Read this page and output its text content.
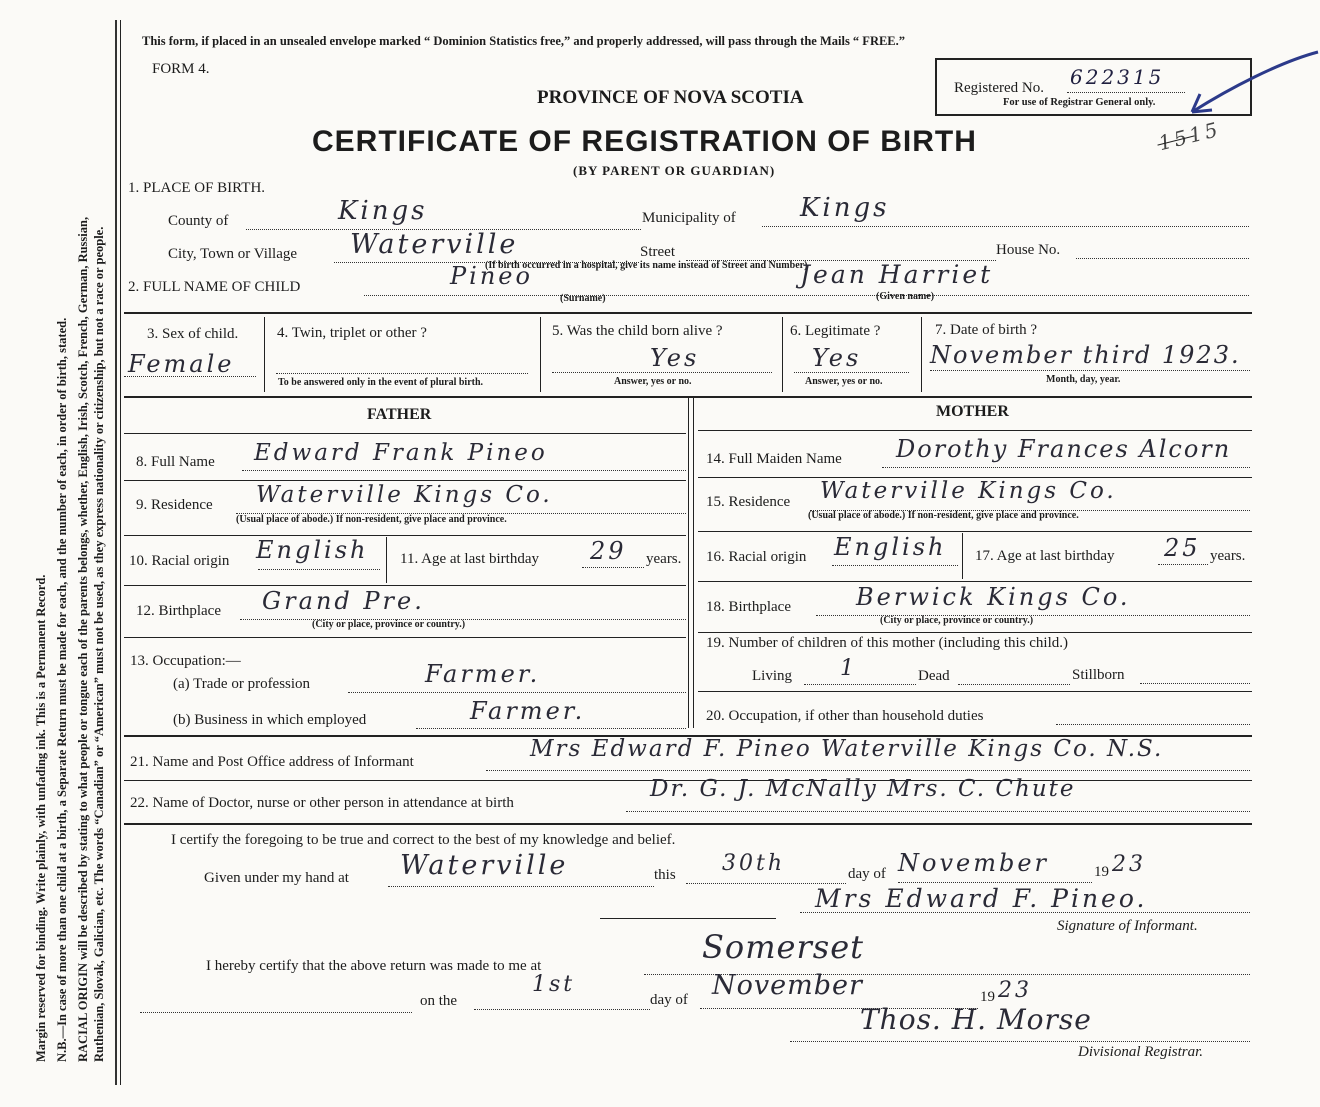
Margin reserved for binding. Write plainly, with unfading ink. This is a Permanent Record. N.B.—In case of more than one child at a birth, a Separate Return must be made for each, and the number of each, in order of birth, stated. RACIAL ORIGIN will be described by stating to what people or tongue each of the parents belongs, whether, English, Irish, Scotch, French, German, Russian, Ruthenian, Slovak, Galician, etc. The words “Canadian” or “American” must not be used, as they express nationality or citizenship, but not a race or people.
This form, if placed in an unsealed envelope marked “ Dominion Statistics free,” and properly addressed, will pass through the Mails “ FREE.”
FORM 4.
PROVINCE OF NOVA SCOTIA
CERTIFICATE OF REGISTRATION OF BIRTH
(BY PARENT OR GUARDIAN)
Registered No. 622315
For use of Registrar General only.
1515
1. PLACE OF BIRTH.
County of	Kings	Municipality of Kings
City, Town or Village Waterville	Street	House No.
(If birth occurred in a hospital, give its name instead of Street and Number)
2. FULL NAME OF CHILD	Pineo
(Surname)
Jean Harriet
(Given name)
3. Sex of child.
Female
4. Twin, triplet or other ?
To be answered only in the event of plural birth.
5. Was the child born alive ?
Yes
Answer, yes or no.
6. Legitimate ?
Yes
Answer, yes or no.
7. Date of birth ?
November third 1923.
Month, day, year.
FATHER
8. Full Name Edward Frank Pineo
9. Residence Waterville Kings Co.
(Usual place of abode.) If non-resident, give place and province.
10. Racial origin English 11. Age at last birthday 29 years.
12. Birthplace Grand Pre.
(City or place, province or country.)
13. Occupation:—
(a) Trade or profession	Farmer.
(b) Business in which employed	Farmer.
MOTHER
14. Full Maiden Name Dorothy Frances Alcorn
15. Residence Waterville Kings Co.
(Usual place of abode.) If non-resident, give place and province.
16. Racial origin English 17. Age at last birthday 25 years.
18. Birthplace	Berwick Kings Co.
(City or place, province or country.)
19. Number of children of this mother (including this child.)
Living 1	Dead	Stillborn
20. Occupation, if other than household duties
21. Name and Post Office address of Informant	Mrs Edward F. Pineo Waterville Kings Co. N.S.
22. Name of Doctor, nurse or other person in attendance at birth
Dr. G. J. McNally Mrs. C. Chute
I certify the foregoing to be true and correct to the best of my knowledge and belief.
Given under my hand at Waterville	this 30th	day of November	19 23
Mrs Edward F. Pineo.
Signature of Informant.
I hereby certify that the above return was made to me at	Somerset
on the
1st
day of November	19 23
Thos. H. Morse
Divisional Registrar.
